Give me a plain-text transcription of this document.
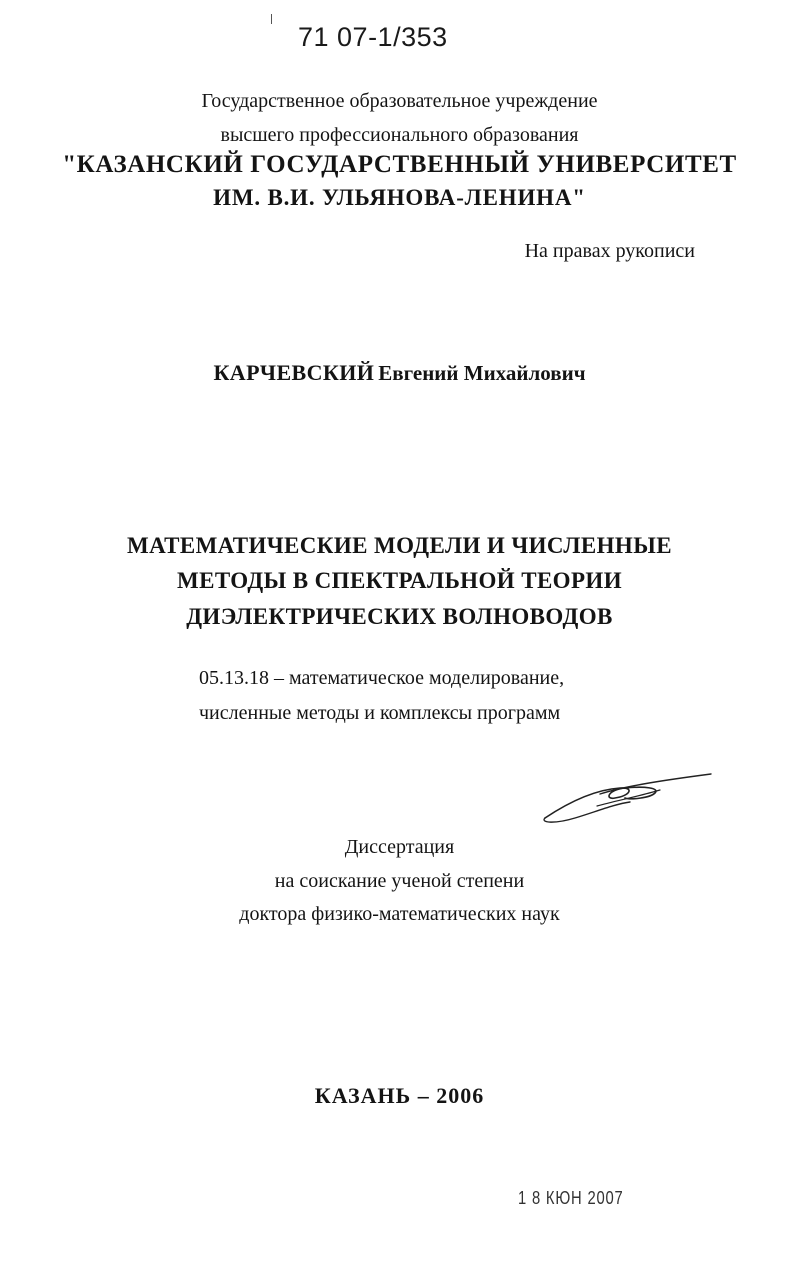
71 07-1/353
Государственное образовательное учреждение
высшего профессионального образования
"КАЗАНСКИЙ ГОСУДАРСТВЕННЫЙ УНИВЕРСИТЕТ
ИМ. В.И. УЛЬЯНОВА-ЛЕНИНА"
На правах рукописи
КАРЧЕВСКИЙ Евгений Михайлович
МАТЕМАТИЧЕСКИЕ МОДЕЛИ И ЧИСЛЕННЫЕ
МЕТОДЫ В СПЕКТРАЛЬНОЙ ТЕОРИИ
ДИЭЛЕКТРИЧЕСКИХ ВОЛНОВОДОВ
05.13.18 – математическое моделирование,
численные методы и комплексы программ
Диссертация
на соискание ученой степени
доктора физико-математических наук
КАЗАНЬ – 2006
1 8 КЮН 2007
